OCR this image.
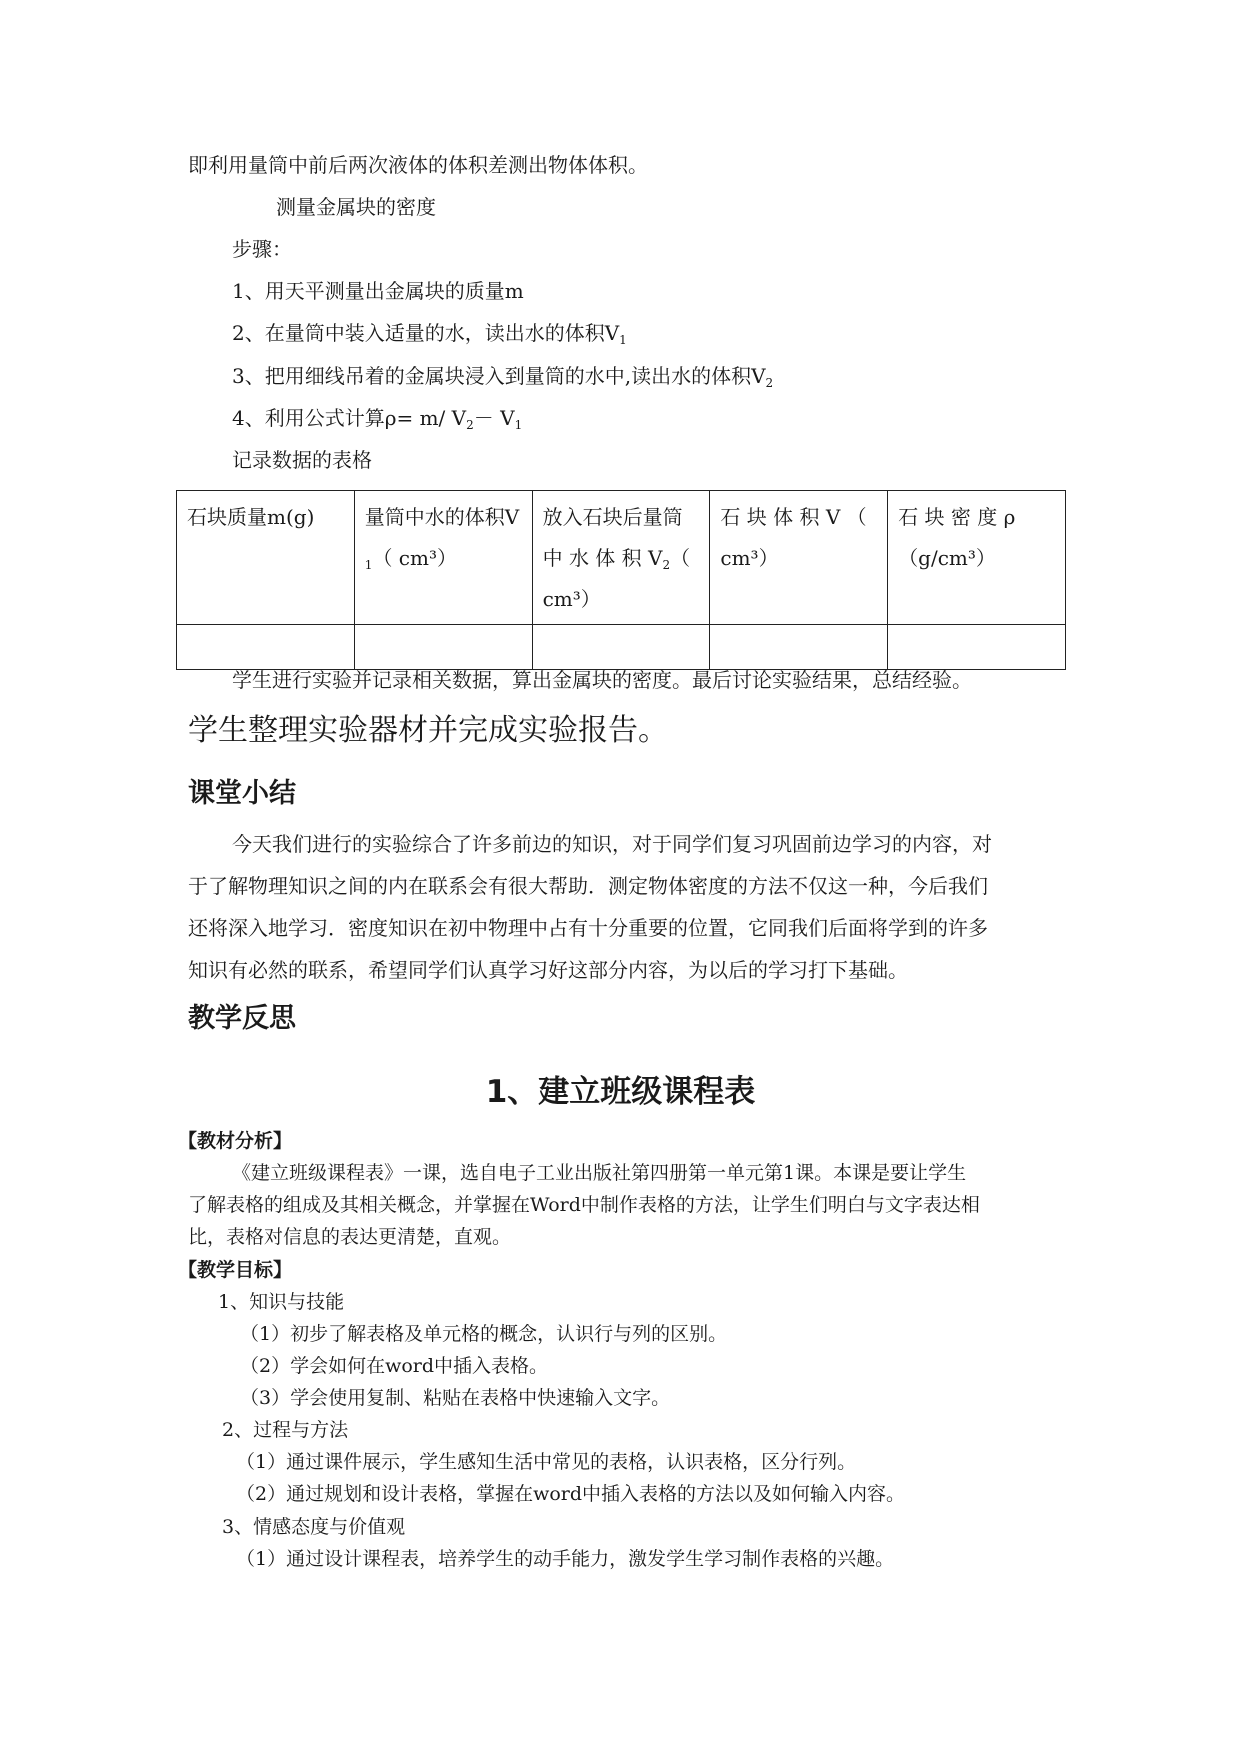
即利用量筒中前后两次液体的体积差测出物体体积。
测量金属块的密度
步骤：
1、用天平测量出金属块的质量m
2、在量筒中装入适量的水，读出水的体积$V_1$
3、把用细线吊着的金属块浸入到量筒的水中,读出水的体积$V_2$
4、利用公式计算ρ= m/ $V_2- V_1$
记录数据的表格
石块质量m(g)	量筒中水的体积$V_1$（ cm³）	放入石块后量筒中 水 体 积 $V_2$（ cm³）	石 块 体 积 V （ cm³）	石 块 密 度 ρ （g/cm³）

学生进行实验并记录相关数据，算出金属块的密度。最后讨论实验结果，总结经验。
学生整理实验器材并完成实验报告。
课堂小结
今天我们进行的实验综合了许多前边的知识，对于同学们复习巩固前边学习的内容，对
于了解物理知识之间的内在联系会有很大帮助．测定物体密度的方法不仅这一种，今后我们
还将深入地学习．密度知识在初中物理中占有十分重要的位置，它同我们后面将学到的许多
知识有必然的联系，希望同学们认真学习好这部分内容，为以后的学习打下基础。
教学反思
1、建立班级课程表
【教材分析】
《建立班级课程表》一课，选自电子工业出版社第四册第一单元第1课。本课是要让学生
了解表格的组成及其相关概念，并掌握在Word中制作表格的方法，让学生们明白与文字表达相
比，表格对信息的表达更清楚，直观。
【教学目标】
1、知识与技能
（1）初步了解表格及单元格的概念，认识行与列的区别。
（2）学会如何在word中插入表格。
（3）学会使用复制、粘贴在表格中快速输入文字。
2、过程与方法
（1）通过课件展示，学生感知生活中常见的表格，认识表格，区分行列。
（2）通过规划和设计表格，掌握在word中插入表格的方法以及如何输入内容。
3、情感态度与价值观
（1）通过设计课程表，培养学生的动手能力，激发学生学习制作表格的兴趣。
